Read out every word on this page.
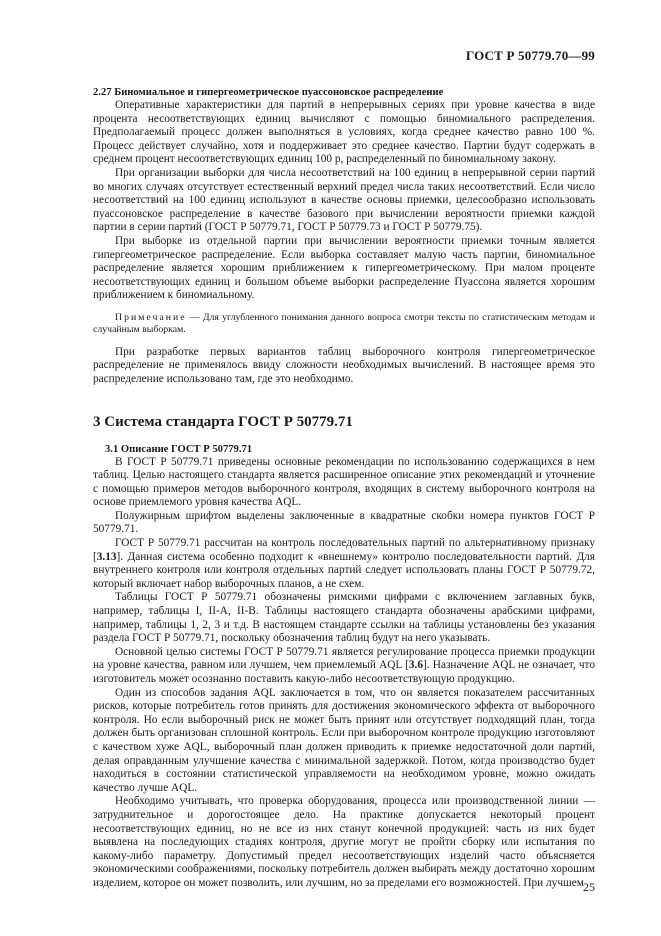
ГОСТ Р 50779.70—99
2.27 Биномиальное и гипергеометрическое пуассоновское распределение

Оперативные характеристики для партий в непрерывных сериях при уровне качества в виде процента несоответствующих единиц вычисляют с помощью биномиального распределения. Предполагаемый процесс должен выполняться в условиях, когда среднее качество равно 100 %. Процесс действует случайно, хотя и поддерживает это среднее качество. Партии будут содержать в среднем процент несоответствующих единиц 100 p, распределенный по биномиальному закону.

При организации выборки для числа несоответствий на 100 единиц в непрерывной серии партий во многих случаях отсутствует естественный верхний предел числа таких несоответствий. Если число несоответствий на 100 единиц используют в качестве основы приемки, целесообразно использовать пуассоновское распределение в качестве базового при вычислении вероятности приемки каждой партии в серии партий (ГОСТ Р 50779.71, ГОСТ Р 50779.73 и ГОСТ Р 50779.75).

При выборке из отдельной партии при вычислении вероятности приемки точным является гипергеометрическое распределение. Если выборка составляет малую часть партии, биномиальное распределение является хорошим приближением к гипергеометрическому. При малом проценте несоответствующих единиц и большом объеме выборки распределение Пуассона является хорошим приближением к биномиальному.

Примечание — Для углубленного понимания данного вопроса смотри тексты по статистическим методам и случайным выборкам.

При разработке первых вариантов таблиц выборочного контроля гипергеометрическое распределение не применялось ввиду сложности необходимых вычислений. В настоящее время это распределение использовано там, где это необходимо.

3 Система стандарта ГОСТ Р 50779.71
3.1 Описание ГОСТ Р 50779.71

В ГОСТ Р 50779.71 приведены основные рекомендации по использованию содержащихся в нем таблиц. Целью настоящего стандарта является расширенное описание этих рекомендаций и уточнение с помощью примеров методов выборочного контроля, входящих в систему выборочного контроля на основе приемлемого уровня качества AQL.

Полужирным шрифтом выделены заключенные в квадратные скобки номера пунктов ГОСТ Р 50779.71.

ГОСТ Р 50779.71 рассчитан на контроль последовательных партий по альтернативному признаку [3.13]. Данная система особенно подходит к «внешнему» контролю последовательности партий. Для внутреннего контроля или контроля отдельных партий следует использовать планы ГОСТ Р 50779.72, который включает набор выборочных планов, а не схем.

Таблицы ГОСТ Р 50779.71 обозначены римскими цифрами с включением заглавных букв, например, таблицы I, II-A, II-B. Таблицы настоящего стандарта обозначены арабскими цифрами, например, таблицы 1, 2, 3 и т.д. В настоящем стандарте ссылки на таблицы установлены без указания раздела ГОСТ Р 50779.71, поскольку обозначения таблиц будут на него указывать.

Основной целью системы ГОСТ Р 50779.71 является регулирование процесса приемки продукции на уровне качества, равном или лучшем, чем приемлемый AQL [3.6]. Назначение AQL не означает, что изготовитель может осознанно поставить какую-либо несоответствующую продукцию.

Один из способов задания AQL заключается в том, что он является показателем рассчитанных рисков, которые потребитель готов принять для достижения экономического эффекта от выборочного контроля. Но если выборочный риск не может быть принят или отсутствует подходящий план, тогда должен быть организован сплошной контроль. Если при выборочном контроле продукцию изготовляют с качеством хуже AQL, выборочный план должен приводить к приемке недостаточной доли партий, делая оправданным улучшение качества с минимальной задержкой. Потом, когда производство будет находиться в состоянии статистической управляемости на необходимом уровне, можно ожидать качество лучше AQL.

Необходимо учитывать, что проверка оборудования, процесса или производственной линии — затруднительное и дорогостоящее дело. На практике допускается некоторый процент несоответствующих единиц, но не все из них станут конечной продукцией: часть из них будет выявлена на последующих стадиях контроля, другие могут не пройти сборку или испытания по какому-либо параметру. Допустимый предел несоответствующих изделий часто объясняется экономическими соображениями, поскольку потребитель должен выбирать между достаточно хорошим изделием, которое он может позволить, или лучшим, но за пределами его возможностей. При лучшем 25
